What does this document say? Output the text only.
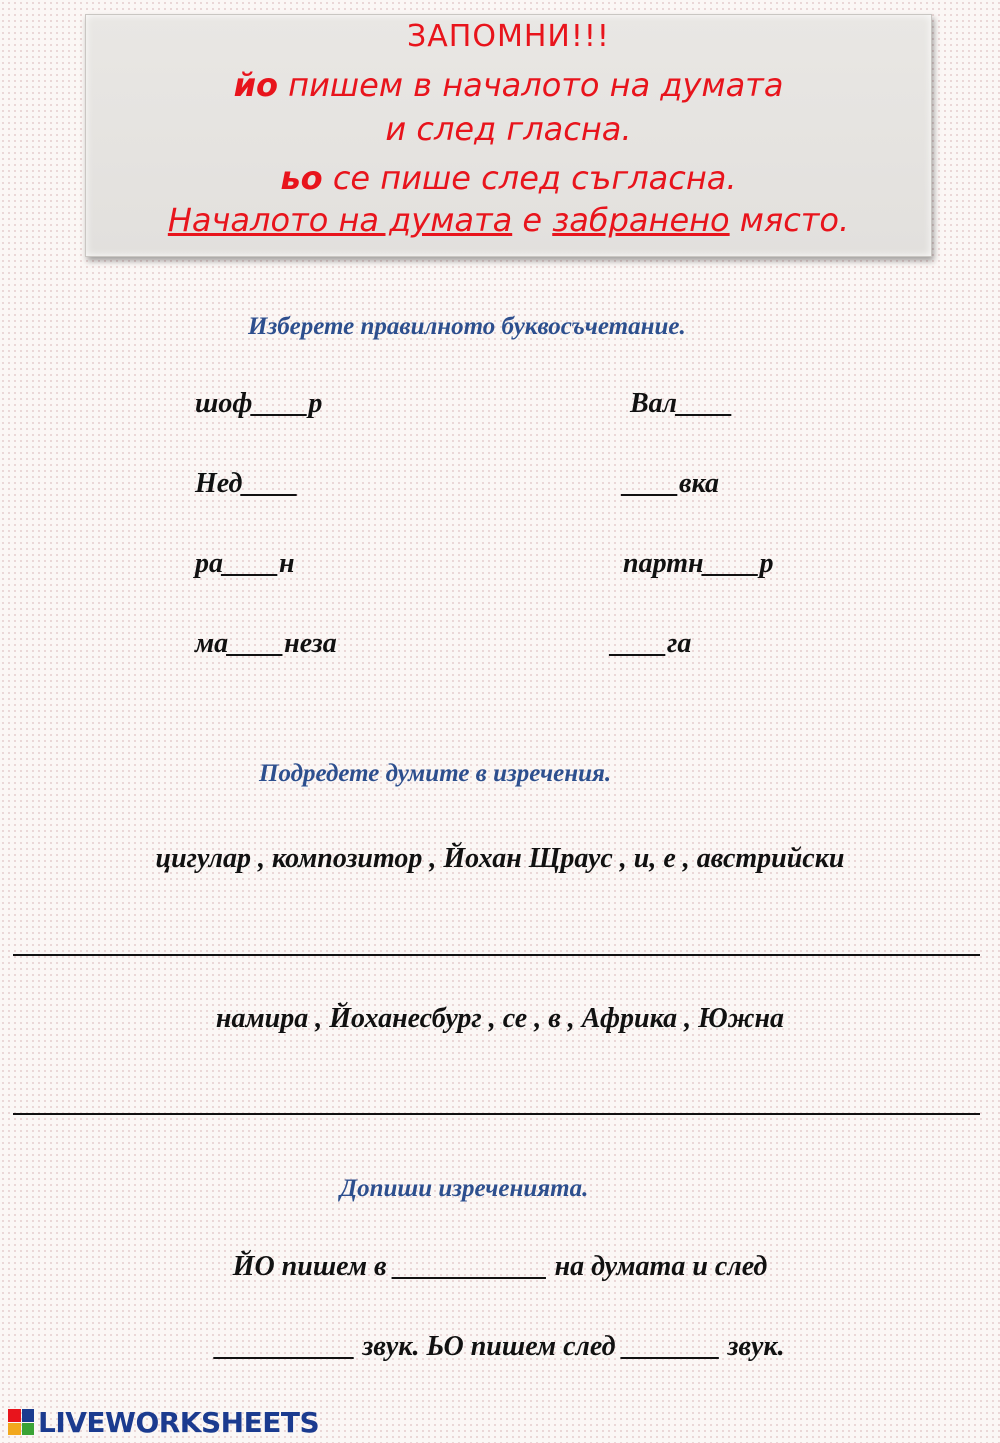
ЗАПОМНИ!!!
йо пишем в началото на думата
и след гласна.
ьо се пише след съгласна.
Началото на думата е забранено място.
Изберете правилното буквосъчетание.
шоф____р
Нед____
ра____н
ма____неза
Вал____
____вка
партн____р
____га
Подредете думите в изречения.
цигулар , композитор , Йохан Щраус , и, е , австрийски
намира , Йоханесбург , се , в , Африка , Южна
Допиши изреченията.
ЙО пишем в ___________ на думата и след
__________ звук. ЬО пишем след _______ звук.
LIVEWORKSHEETS
